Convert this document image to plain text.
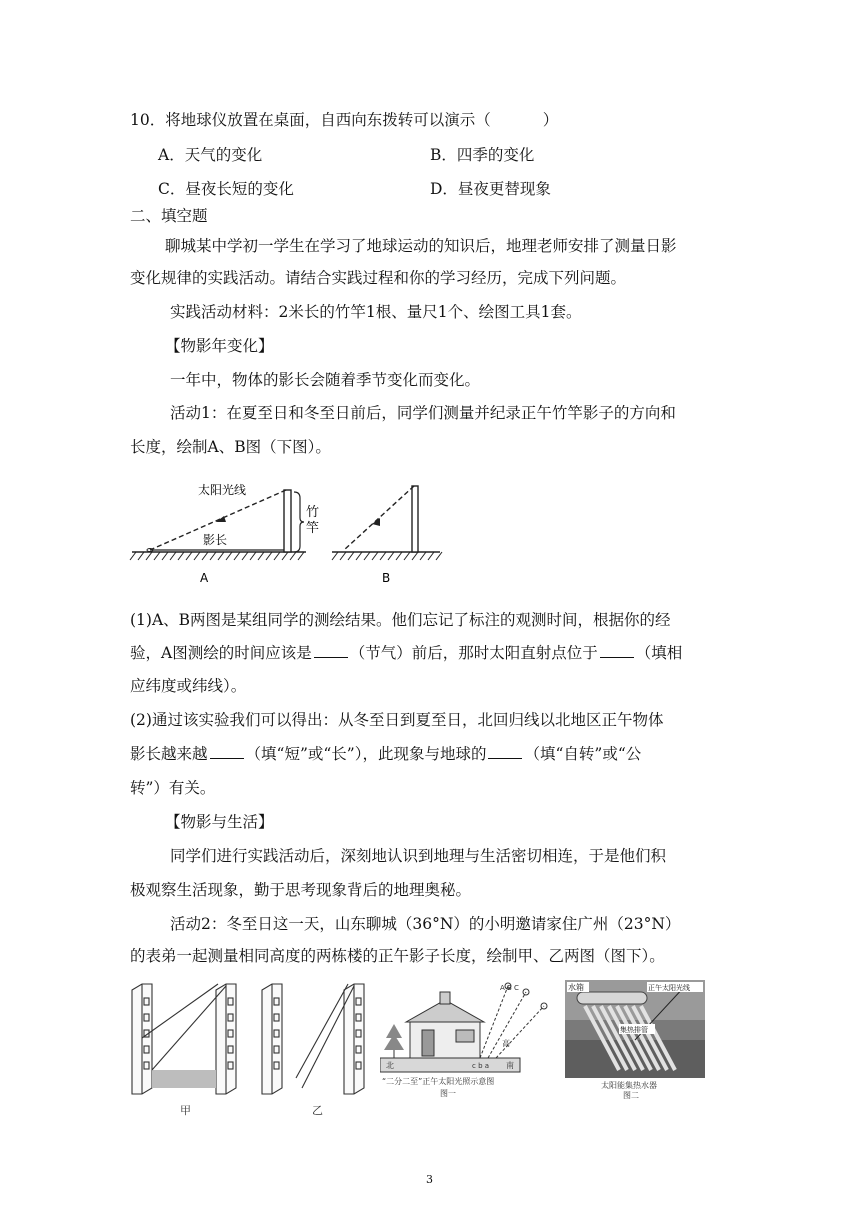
10．将地球仪放置在桌面，自西向东拨转可以演示（	）
A．天气的变化	B．四季的变化
C．昼夜长短的变化	D．昼夜更替现象
二、填空题
聊城某中学初一学生在学习了地球运动的知识后，地理老师安排了测量日影
变化规律的实践活动。请结合实践过程和你的学习经历，完成下列问题。
实践活动材料：2米长的竹竿1根、量尺1个、绘图工具1套。
【物影年变化】
一年中，物体的影长会随着季节变化而变化。
活动1：在夏至日和冬至日前后，同学们测量并纪录正午竹竿影子的方向和
长度，绘制A、B图（下图）。
太阳光线
影长
竹
竿
A	B
(1)A、B两图是某组同学的测绘结果。他们忘记了标注的观测时间，根据你的经
验，A图测绘的时间应该是 （节气）前后，那时太阳直射点位于 （填相
应纬度或纬线）。
(2)通过该实验我们可以得出：从冬至日到夏至日，北回归线以北地区正午物体
影长越来越 （填“短”或“长”），此现象与地球的 （填“自转”或“公
转”）有关。
【物影与生活】
同学们进行实践活动后，深刻地认识到地理与生活密切相连，于是他们积
极观察生活现象，勤于思考现象背后的地理奥秘。
活动2：冬至日这一天，山东聊城（36°N）的小明邀请家住广州（23°N）
的表弟一起测量相同高度的两栋楼的正午影子长度，绘制甲、乙两图（图下）。
甲	乙
A B C
北	c b a 南
高
“二分二至”正午太阳光照示意图
图一
水箱	正午太阳光线
集热排管
太阳能集热水器
图二
3
